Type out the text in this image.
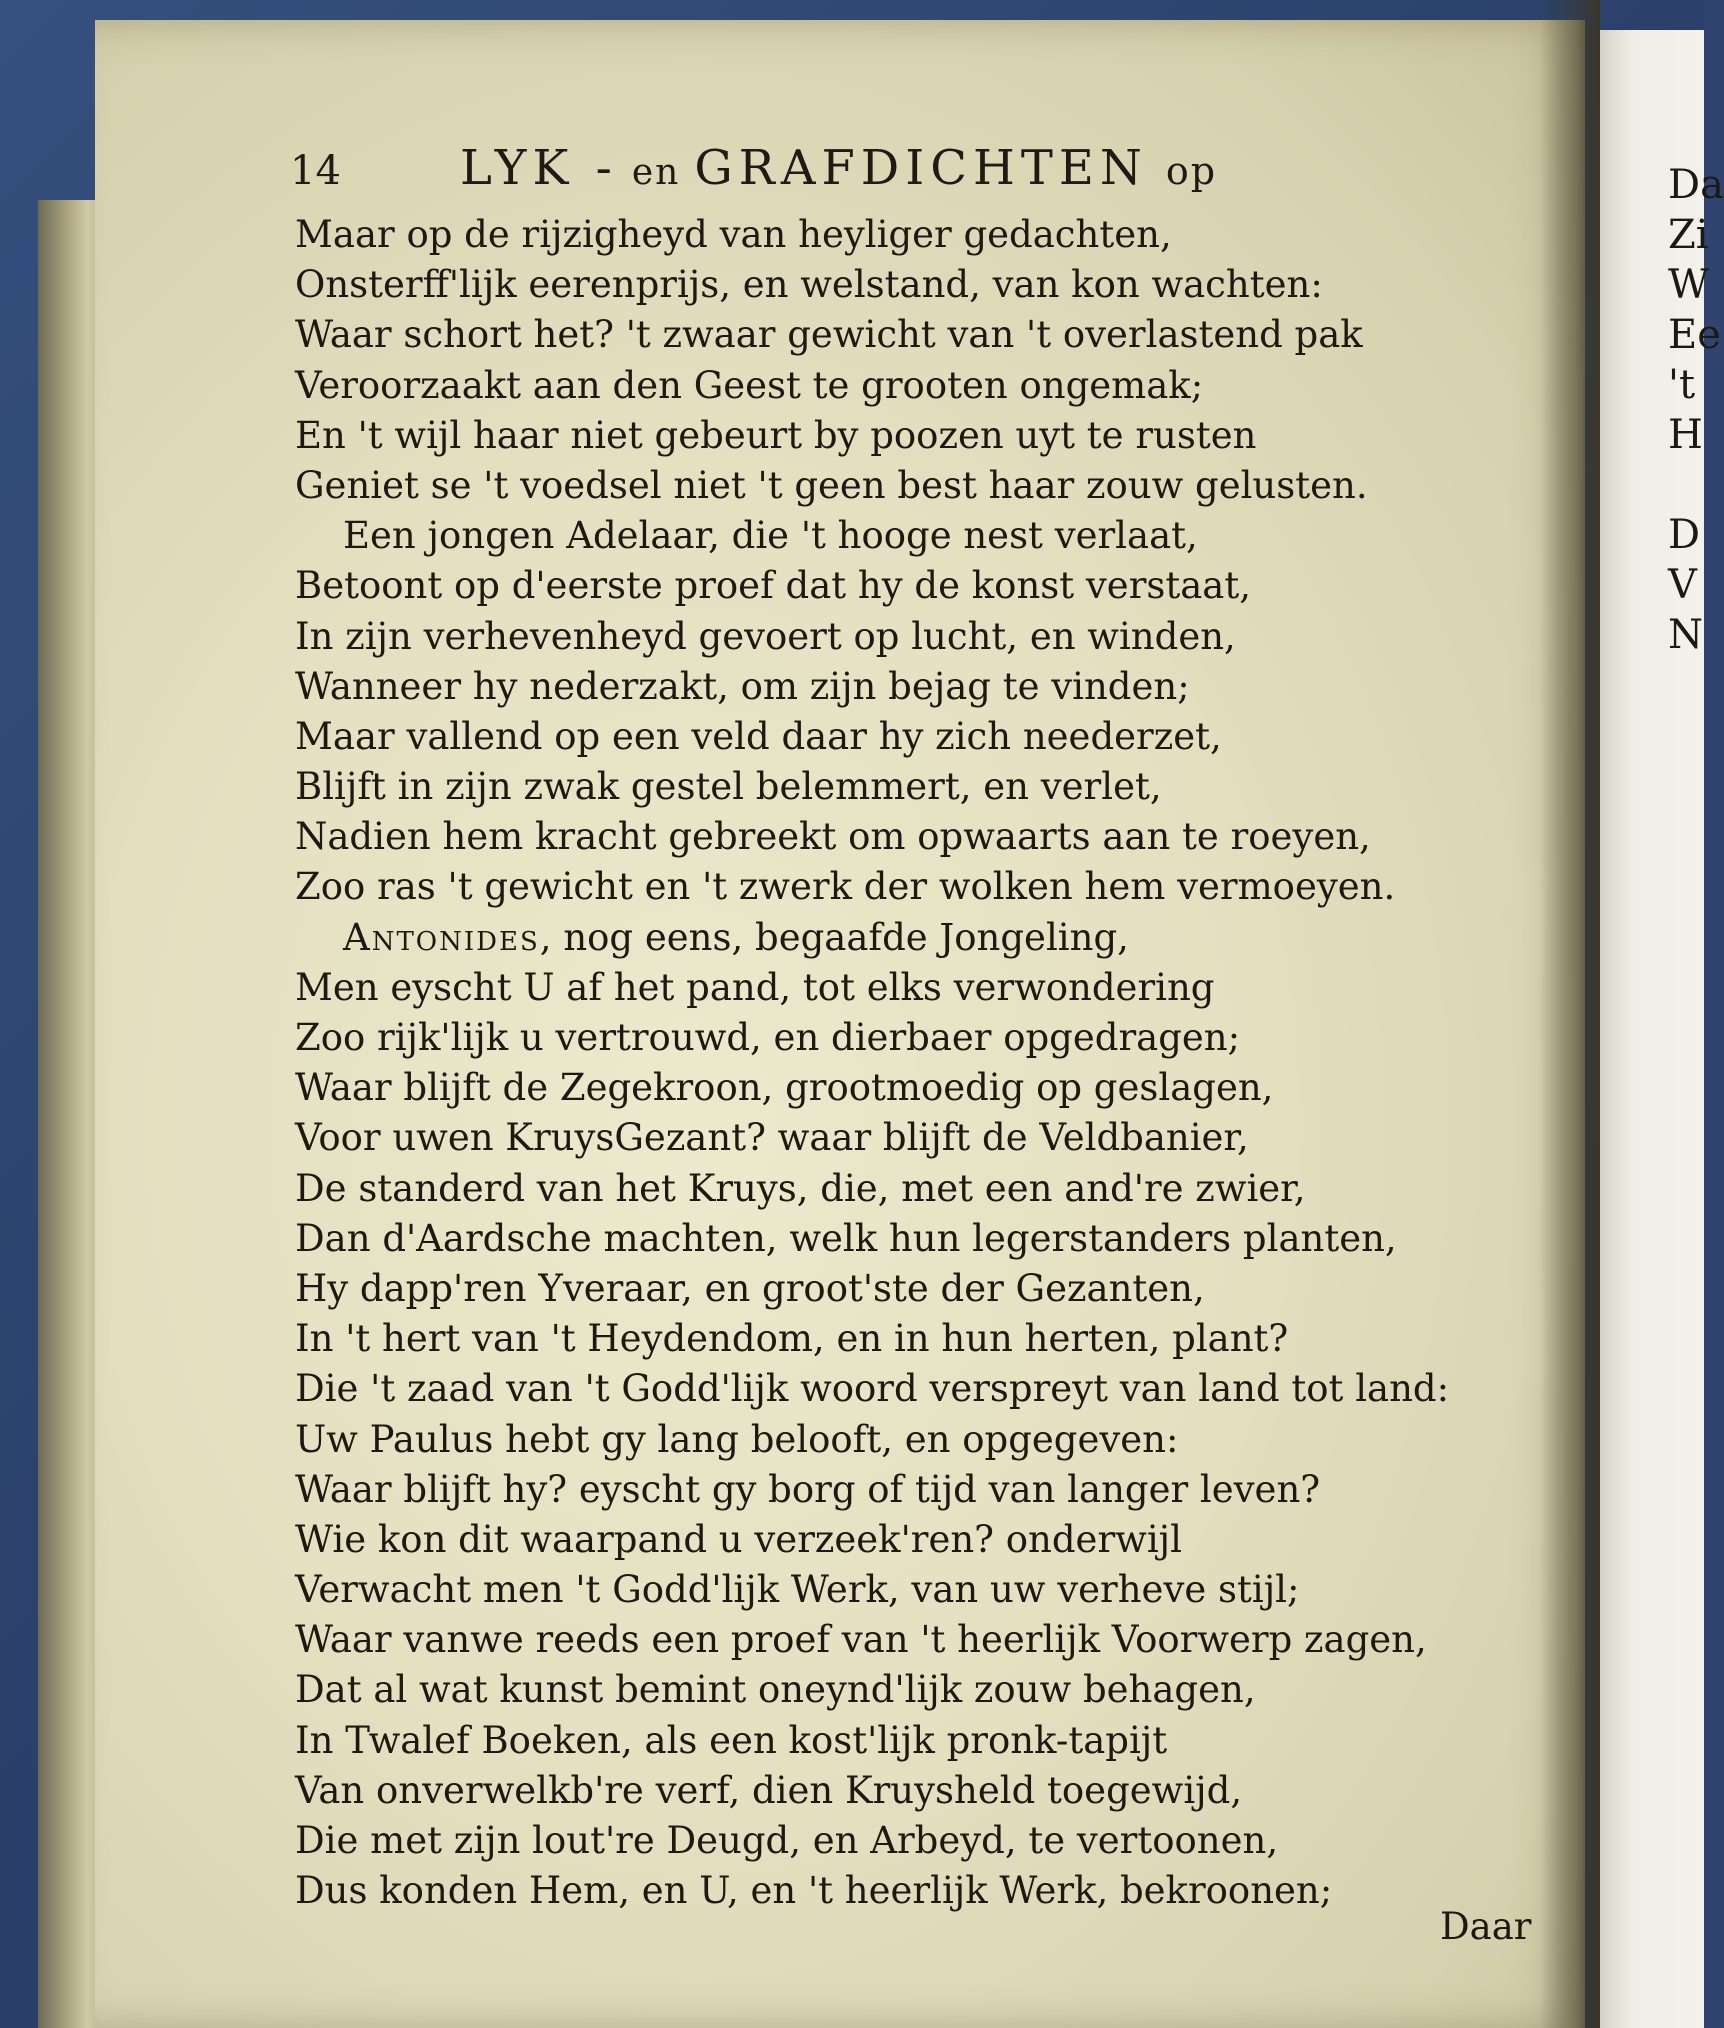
14	LYK - en GRAFDICHTEN op
Maar op de rijzigheyd van heyliger gedachten,
Onsterff'lijk eerenprijs, en welstand, van kon wachten:
Waar schort het? 't zwaar gewicht van 't overlastend pak
Veroorzaakt aan den Geest te grooten ongemak;
En 't wijl haar niet gebeurt by poozen uyt te rusten
Geniet se 't voedsel niet 't geen best haar zouw gelusten.
Een jongen Adelaar, die 't hooge nest verlaat,
Betoont op d'eerste proef dat hy de konst verstaat,
In zijn verhevenheyd gevoert op lucht, en winden,
Wanneer hy nederzakt, om zijn bejag te vinden;
Maar vallend op een veld daar hy zich neederzet,
Blijft in zijn zwak gestel belemmert, en verlet,
Nadien hem kracht gebreekt om opwaarts aan te roeyen,
Zoo ras 't gewicht en 't zwerk der wolken hem vermoeyen.
Antonides, nog eens, begaafde Jongeling,
Men eyscht U af het pand, tot elks verwondering
Zoo rijk'lijk u vertrouwd, en dierbaer opgedragen;
Waar blijft de Zegekroon, grootmoedig op geslagen,
Voor uwen KruysGezant? waar blijft de Veldbanier,
De standerd van het Kruys, die, met een and're zwier,
Dan d'Aardsche machten, welk hun legerstanders planten,
Hy dapp'ren Yveraar, en groot'ste der Gezanten,
In 't hert van 't Heydendom, en in hun herten, plant?
Die 't zaad van 't Godd'lijk woord verspreyt van land tot land:
Uw Paulus hebt gy lang belooft, en opgegeven:
Waar blijft hy? eyscht gy borg of tijd van langer leven?
Wie kon dit waarpand u verzeek'ren? onderwijl
Verwacht men 't Godd'lijk Werk, van uw verheve stijl;
Waar vanwe reeds een proef van 't heerlijk Voorwerp zagen,
Dat al wat kunst bemint oneynd'lijk zouw behagen,
In Twalef Boeken, als een kost'lijk pronk-tapijt
Van onverwelkb're verf, dien Kruysheld toegewijd,
Die met zijn lout're Deugd, en Arbeyd, te vertoonen,
Dus konden Hem, en U, en 't heerlijk Werk, bekroonen;
Daar
Da
Zi
W
Ee
't
H
D
V
N
